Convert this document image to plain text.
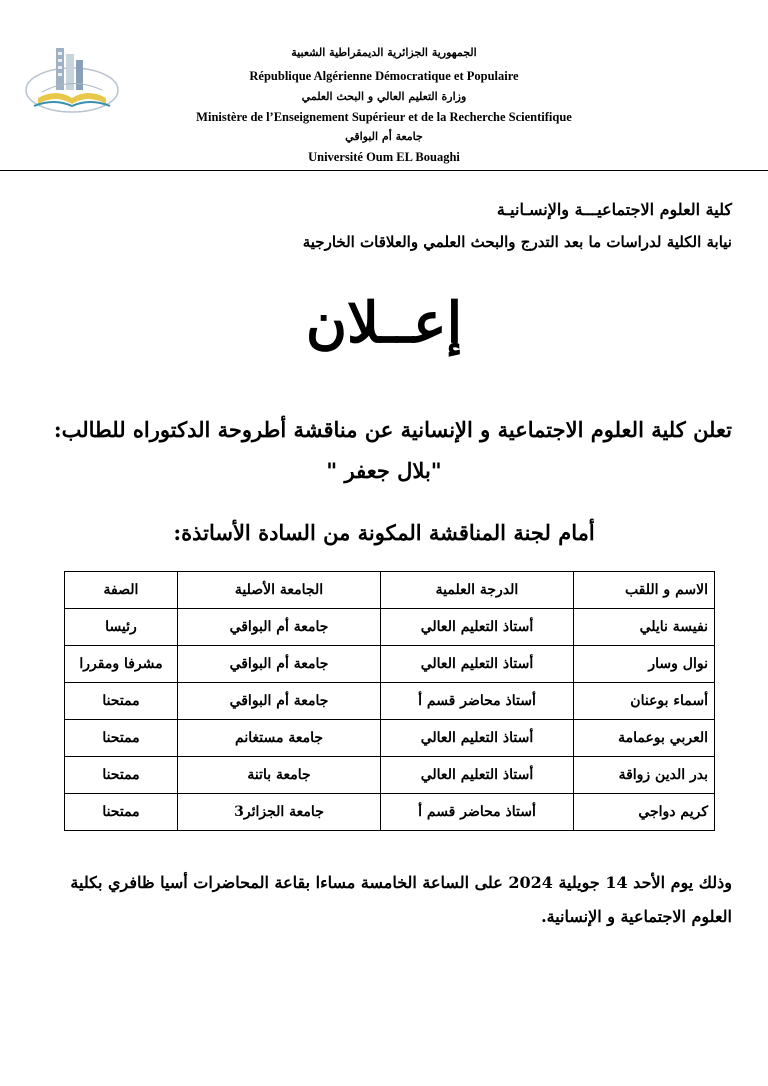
الجمهورية الجزائرية الديمقراطية الشعبية
République Algérienne Démocratique et Populaire
وزارة التعليم العالي و البحث العلمي
Ministère de l’Enseignement Supérieur et de la Recherche Scientifique
جامعة أم البواقي
Université Oum EL Bouaghi
كلية العلوم الاجتماعيـــة والإنسـانيـة
نيابة الكلية لدراسات ما بعد التدرج والبحث العلمي والعلاقات الخارجية
إعــلان
تعلن كلية العلوم الاجتماعية و الإنسانية عن مناقشة أطروحة الدكتوراه للطالب:
"بلال جعفر "
أمام لجنة المناقشة المكونة من السادة الأساتذة:
الاسم و اللقب	الدرجة العلمية	الجامعة الأصلية	الصفة
نفيسة نايلي	أستاذ التعليم العالي	جامعة أم البواقي	رئيسا
نوال وسار	أستاذ التعليم العالي	جامعة أم البواقي	مشرفا ومقررا
أسماء بوعنان	أستاذ محاضر قسم أ	جامعة أم البواقي	ممتحنا
العربي بوعمامة	أستاذ التعليم العالي	جامعة مستغانم	ممتحنا
بدر الدين زواقة	أستاذ التعليم العالي	جامعة باتنة	ممتحنا
كريم دواجي	أستاذ محاضر قسم أ	جامعة الجزائر3	ممتحنا
وذلك يوم الأحد 14 جويلية 2024 على الساعة الخامسة مساءا بقاعة المحاضرات أسيا ظافري بكلية
العلوم الاجتماعية و الإنسانية.
